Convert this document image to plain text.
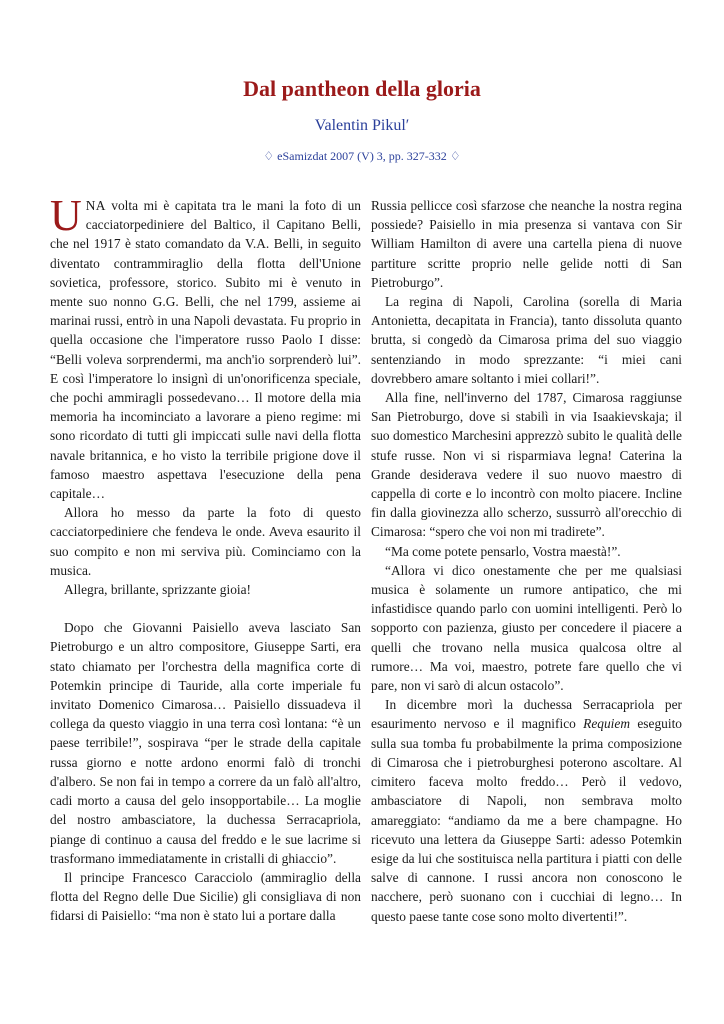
Dal pantheon della gloria
Valentin Pikul′
♢ eSamizdat 2007 (V) 3, pp. 327-332 ♢

UNA volta mi è capitata tra le mani la foto di un cacciatorpediniere del Baltico, il Capitano Belli, che nel 1917 è stato comandato da V.A. Belli, in seguito diventato contrammiraglio della flotta dell'Unione sovietica, professore, storico. Subito mi è venuto in mente suo nonno G.G. Belli, che nel 1799, assieme ai marinai russi, entrò in una Napoli devastata. Fu proprio in quella occasione che l'imperatore russo Paolo I disse: “Belli voleva sorprendermi, ma anch'io sorprenderò lui”. E così l'imperatore lo insignì di un'onorificenza speciale, che pochi ammiragli possedevano… Il motore della mia memoria ha incominciato a lavorare a pieno regime: mi sono ricordato di tutti gli impiccati sulle navi della flotta navale britannica, e ho visto la terribile prigione dove il famoso maestro aspettava l'esecuzione della pena capitale…

Allora ho messo da parte la foto di questo cacciatorpediniere che fendeva le onde. Aveva esaurito il suo compito e non mi serviva più. Cominciamo con la musica.

Allegra, brillante, sprizzante gioia!

Dopo che Giovanni Paisiello aveva lasciato San Pietroburgo e un altro compositore, Giuseppe Sarti, era stato chiamato per l'orchestra della magnifica corte di Potemkin principe di Tauride, alla corte imperiale fu invitato Domenico Cimarosa… Paisiello dissuadeva il collega da questo viaggio in una terra così lontana: “è un paese terribile!”, sospirava “per le strade della capitale russa giorno e notte ardono enormi falò di tronchi d'albero. Se non fai in tempo a correre da un falò all'altro, cadi morto a causa del gelo insopportabile… La moglie del nostro ambasciatore, la duchessa Serracapriola, piange di continuo a causa del freddo e le sue lacrime si trasformano immediatamente in cristalli di ghiaccio”.

Il principe Francesco Caracciolo (ammiraglio della flotta del Regno delle Due Sicilie) gli consigliava di non fidarsi di Paisiello: “ma non è stato lui a portare dalla

Russia pellicce così sfarzose che neanche la nostra regina possiede? Paisiello in mia presenza si vantava con Sir William Hamilton di avere una cartella piena di nuove partiture scritte proprio nelle gelide notti di San Pietroburgo”.

La regina di Napoli, Carolina (sorella di Maria Antonietta, decapitata in Francia), tanto dissoluta quanto brutta, si congedò da Cimarosa prima del suo viaggio sentenziando in modo sprezzante: “i miei cani dovrebbero amare soltanto i miei collari!”.

Alla fine, nell'inverno del 1787, Cimarosa raggiunse San Pietroburgo, dove si stabilì in via Isaakievskaja; il suo domestico Marchesini apprezzò subito le qualità delle stufe russe. Non vi si risparmiava legna! Caterina la Grande desiderava vedere il suo nuovo maestro di cappella di corte e lo incontrò con molto piacere. Incline fin dalla giovinezza allo scherzo, sussurrò all'orecchio di Cimarosa: “spero che voi non mi tradirete”.

“Ma come potete pensarlo, Vostra maestà!”.

“Allora vi dico onestamente che per me qualsiasi musica è solamente un rumore antipatico, che mi infastidisce quando parlo con uomini intelligenti. Però lo sopporto con pazienza, giusto per concedere il piacere a quelli che trovano nella musica qualcosa oltre al rumore… Ma voi, maestro, potrete fare quello che vi pare, non vi sarò di alcun ostacolo”.

In dicembre morì la duchessa Serracapriola per esaurimento nervoso e il magnifico Requiem eseguito sulla sua tomba fu probabilmente la prima composizione di Cimarosa che i pietroburghesi poterono ascoltare. Al cimitero faceva molto freddo… Però il vedovo, ambasciatore di Napoli, non sembrava molto amareggiato: “andiamo da me a bere champagne. Ho ricevuto una lettera da Giuseppe Sarti: adesso Potemkin esige da lui che sostituisca nella partitura i piatti con delle salve di cannone. I russi ancora non conoscono le nacchere, però suonano con i cucchiai di legno… In questo paese tante cose sono molto divertenti!”.
